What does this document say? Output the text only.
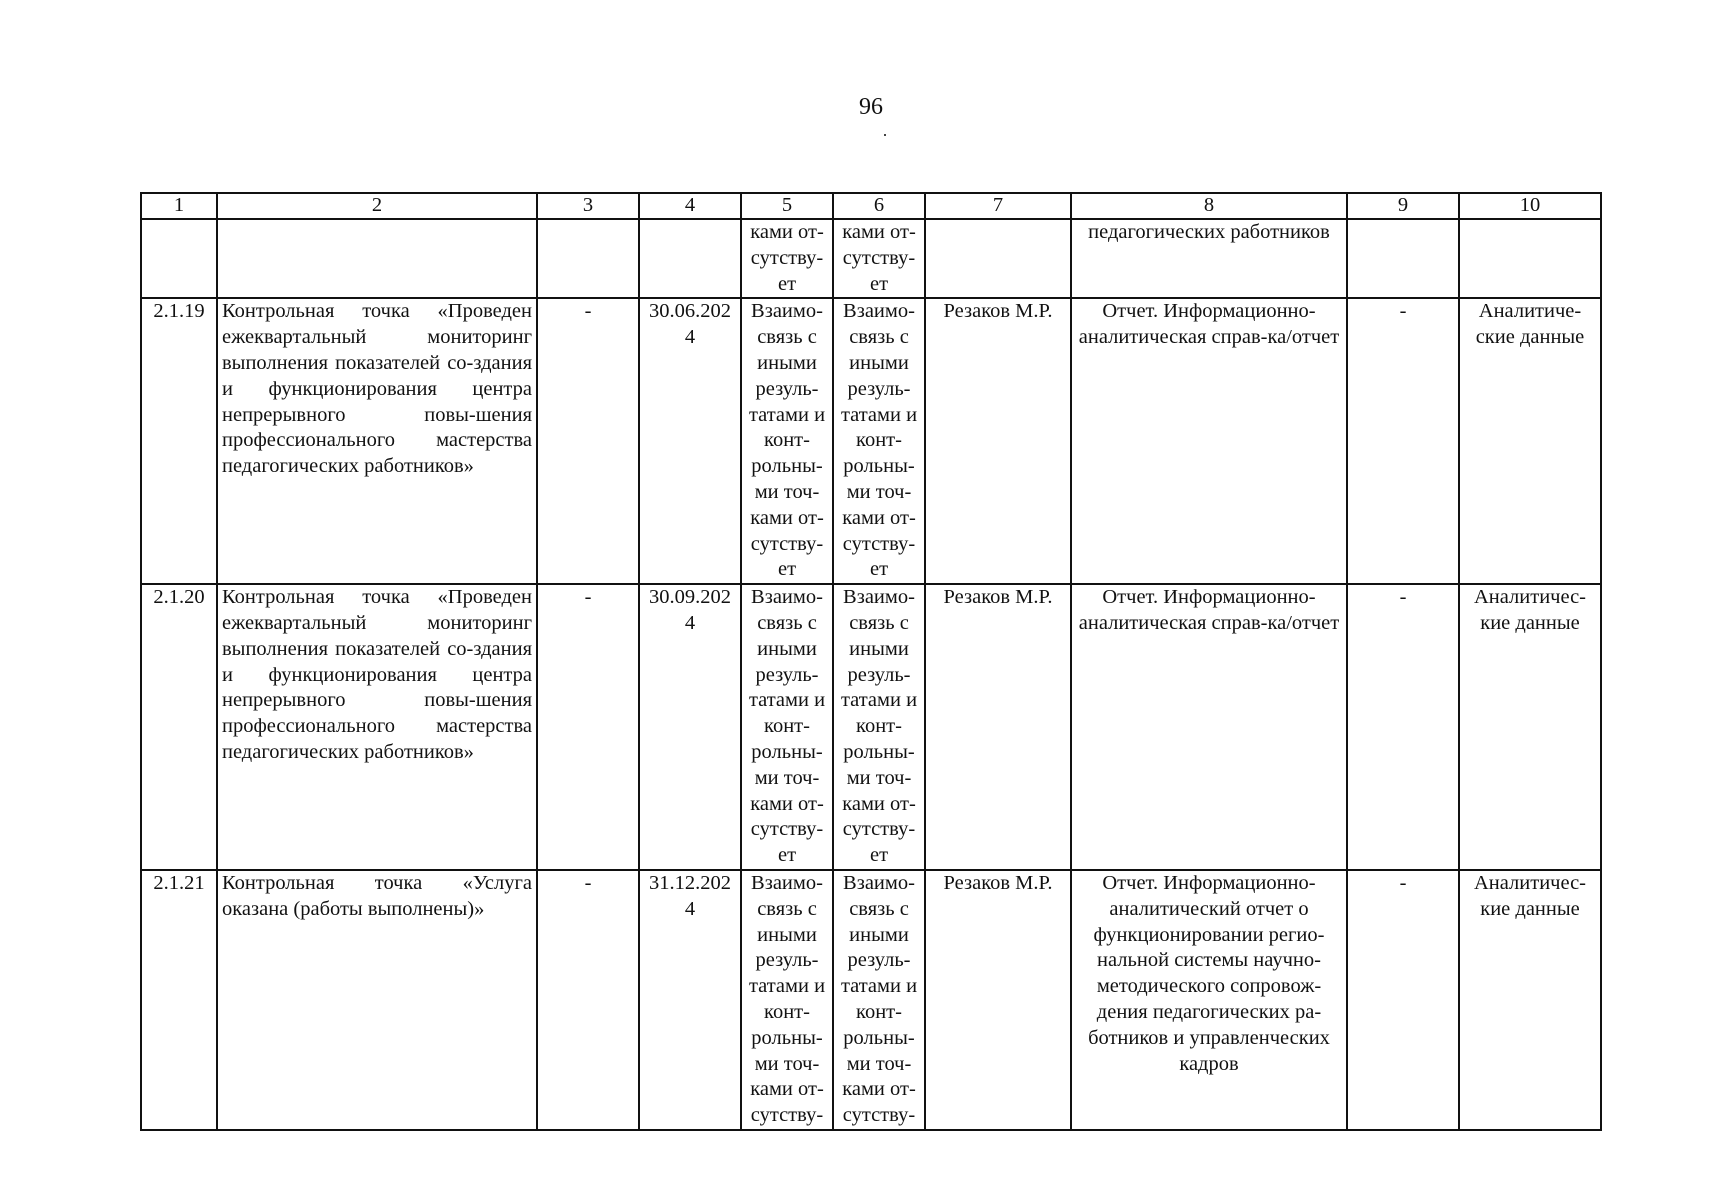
96
1	2	3	4	5	6	7	8	9	10
				ками от-сутству-ет	ками от-сутству-ет		педагогических работников		
2.1.19	Контрольная точка «Проведен ежеквартальный мониторинг выполнения показателей со-здания и функционирования центра непрерывного повы-шения профессионального мастерства педагогических работников»	-	30.06.2024	Взаимо-связь с иными резуль-татами и конт-рольны-ми точ-ками от-сутству-ет	Взаимо-связь с иными резуль-татами и конт-рольны-ми точ-ками от-сутству-ет	Резаков М.Р.	Отчет. Информационно-аналитическая справ-ка/отчет	-	Аналитиче-ские данные
2.1.20	Контрольная точка «Проведен ежеквартальный мониторинг выполнения показателей со-здания и функционирования центра непрерывного повы-шения профессионального мастерства педагогических работников»	-	30.09.2024	Взаимо-связь с иными резуль-татами и конт-рольны-ми точ-ками от-сутству-ет	Взаимо-связь с иными резуль-татами и конт-рольны-ми точ-ками от-сутству-ет	Резаков М.Р.	Отчет. Информационно-аналитическая справ-ка/отчет	-	Аналитичес-кие данные
2.1.21	Контрольная точка «Услуга оказана (работы выполнены)»	-	31.12.2024	Взаимо-связь с иными резуль-татами и конт-рольны-ми точ-ками от-сутству-	Взаимо-связь с иными резуль-татами и конт-рольны-ми точ-ками от-сутству-	Резаков М.Р.	Отчет. Информационно-аналитический отчет о функционировании регио-нальной системы научно-методического сопровож-дения педагогических ра-ботников и управленческих кадров	-	Аналитичес-кие данные
